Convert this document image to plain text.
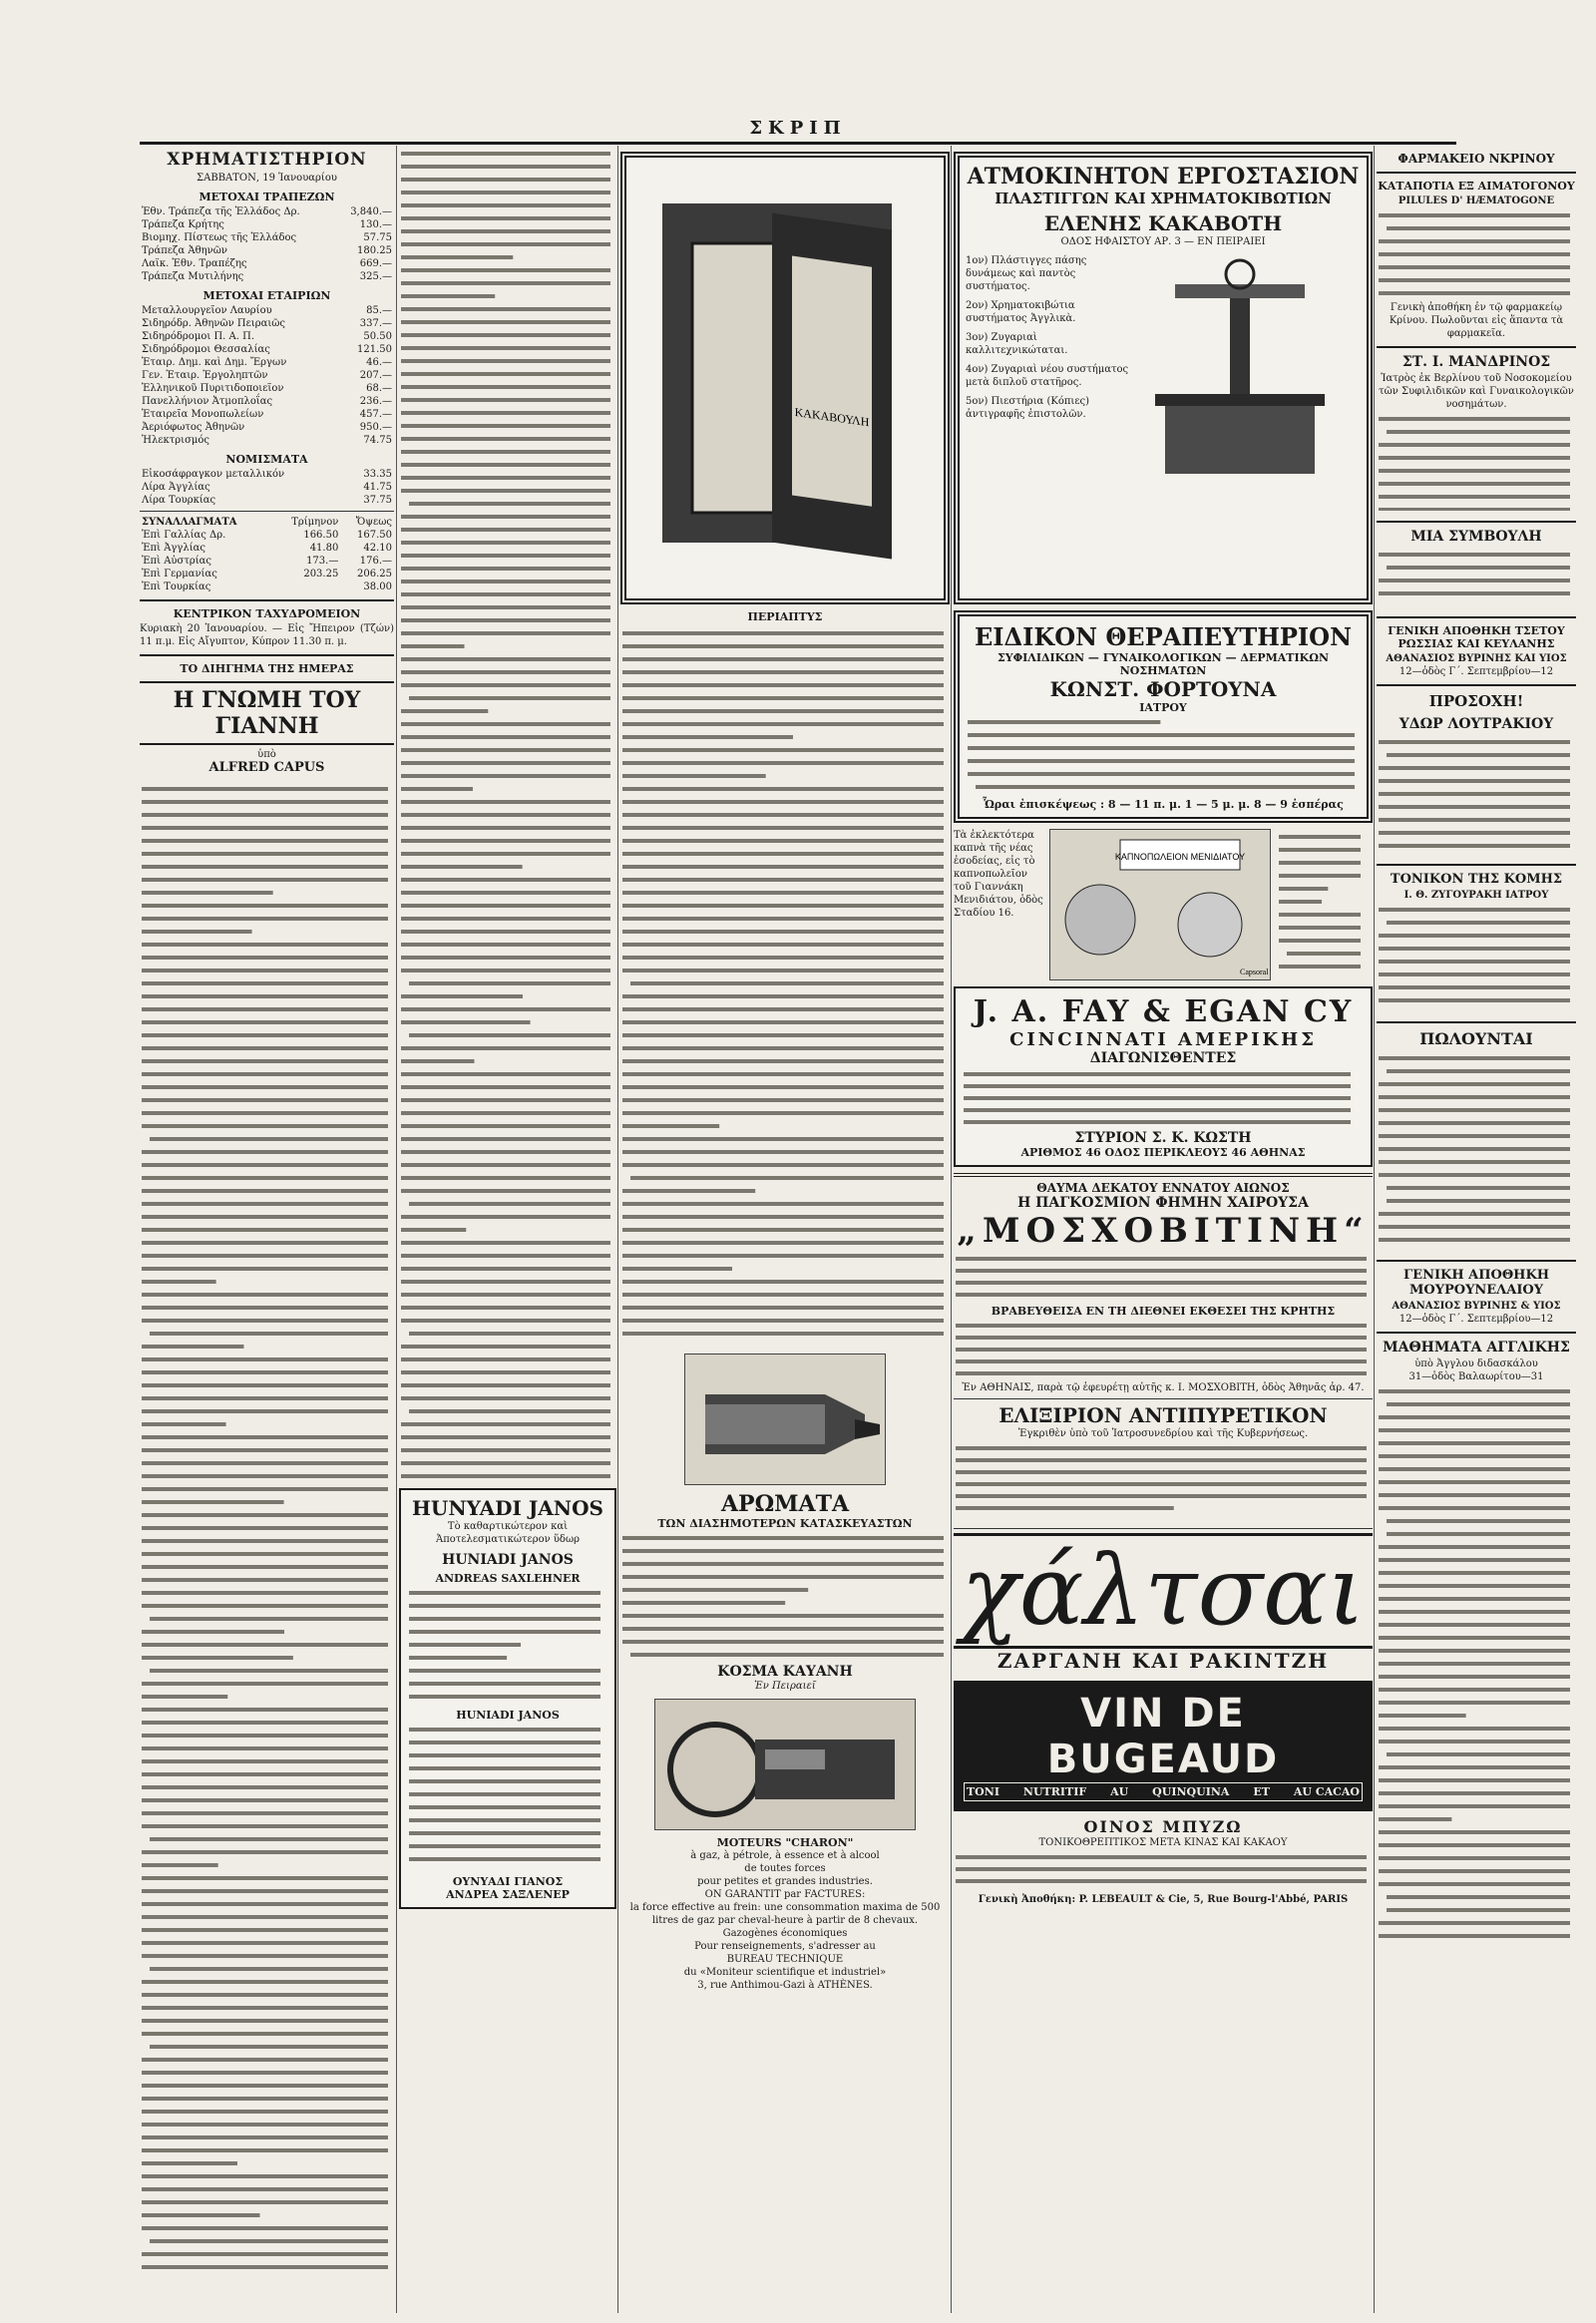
ΣΚΡΙΠ
ΧΡΗΜΑΤΙΣΤΗΡΙΟΝ
ΣΑΒΒΑΤΟΝ, 19 Ἰανουαρίου
ΜΕΤΟΧΑΙ ΤΡΑΠΕΖΩΝ
Ἐθν. Τράπεζα τῆς Ἑλλάδος Δρ.	3,840.—
Τράπεζα Κρήτης	130.—
Βιομηχ. Πίστεως τῆς Ἑλλάδος	57.75
Τράπεζα Ἀθηνῶν	180.25
Λαϊκ. Ἐθν. Τραπέζης	669.—
Τράπεζα Μυτιλήνης	325.—
ΜΕΤΟΧΑΙ ΕΤΑΙΡΙΩΝ
Μεταλλουργεῖον Λαυρίου	85.—
Σιδηρόδρ. Ἀθηνῶν Πειραιῶς	337.—
Σιδηρόδρομοι Π. Α. Π.	50.50
Σιδηρόδρομοι Θεσσαλίας	121.50
Ἑταιρ. Δημ. καὶ Δημ. Ἔργων	46.—
Γεν. Ἑταιρ. Ἐργοληπτῶν	207.—
Ἑλληνικοῦ Πυριτιδοποιεῖον	68.—
Πανελλήνιον Ἀτμοπλοΐας	236.—
Ἑταιρεῖα Μονοπωλείων	457.—
Ἀεριόφωτος Ἀθηνῶν	950.—
Ἠλεκτρισμός	74.75
ΝΟΜΙΣΜΑΤΑ
Εἰκοσάφραγκον μεταλλικόν	33.35
Λίρα Ἀγγλίας	41.75
Λίρα Τουρκίας	37.75
ΣΥΝΑΛΛΑΓΜΑΤΑ	Τρίμηνον	Ὄψεως
Ἐπὶ Γαλλίας Δρ.	166.50	167.50
Ἐπὶ Ἀγγλίας	41.80	42.10
Ἐπὶ Αὐστρίας	173.—	176.—
Ἐπὶ Γερμανίας	203.25	206.25
Ἐπὶ Τουρκίας		38.00
ΚΕΝΤΡΙΚΟΝ ΤΑΧΥΔΡΟΜΕΙΟΝ
Κυριακὴ 20 Ἰανουαρίου. — Εἰς Ἤπειρον (Τζών) 11 π.μ. Εἰς Αἴγυπτον, Κύπρον 11.30 π. μ.
ΤΟ ΔΙΗΓΗΜΑ ΤΗΣ ΗΜΕΡΑΣ
Η ΓΝΩΜΗ ΤΟΥ ΓΙΑΝΝΗ
ὑπὸ
ALFRED CAPUS
HUNYADI JANOS
Τὸ καθαρτικώτερον καὶ Ἀποτελεσματικώτερον ὕδωρ
HUNIADI JANOS
ANDREAS SAXLEHNER
HUNIADI JANOS
ΟΥΝΥΑΔΙ ΓΙΑΝΟΣ
ΑΝΔΡΕΑ ΣΑΞΛΕΝΕΡ
ΚΑΚΑΒΟΥΛΗ
ΠΕΡΙΑΠΤΥΣ
ΑΡΩΜΑΤΑ
ΤΩΝ ΔΙΑΣΗΜΟΤΕΡΩΝ ΚΑΤΑΣΚΕΥΑΣΤΩΝ
ΚΟΣΜΑ ΚΑΥΑΝΗ
Ἐν Πειραιεῖ
MOTEURS "CHARON"
à gaz, à pétrole, à essence et à alcool
de toutes forces
pour petites et grandes industries.
ON GARANTIT par FACTURES:
la force effective au frein: une consommation maxima de 500 litres de gaz par cheval-heure à partir de 8 chevaux.
Gazogènes économiques
Pour renseignements, s'adresser au
BUREAU TECHNIQUE
du «Moniteur scientifique et industriel»
3, rue Anthimou-Gazi à ATHÈNES.
ΑΤΜΟΚΙΝΗΤΟΝ ΕΡΓΟΣΤΑΣΙΟΝ
ΠΛΑΣΤΙΓΓΩΝ ΚΑΙ ΧΡΗΜΑΤΟΚΙΒΩΤΙΩΝ
ΕΛΕΝΗΣ ΚΑΚΑΒΟΤΗ
ΟΔΟΣ ΗΦΑΙΣΤΟΥ ΑΡ. 3 — ΕΝ ΠΕΙΡΑΙΕΙ
1ον) Πλάστιγγες πάσης δυνάμεως καὶ παντὸς συστήματος.
2ον) Χρηματοκιβώτια συστήματος Ἀγγλικὰ.
3ον) Ζυγαριαὶ καλλιτεχνικώταται.
4ον) Ζυγαριαὶ νέου συστήματος μετὰ διπλοῦ στατῆρος.
5ον) Πιεστήρια (Κόπιες) ἀντιγραφῆς ἐπιστολῶν.
ΕΙΔΙΚΟΝ ΘΕΡΑΠΕΥΤΗΡΙΟΝ
ΣΥΦΙΛΙΔΙΚΩΝ — ΓΥΝΑΙΚΟΛΟΓΙΚΩΝ — ΔΕΡΜΑΤΙΚΩΝ ΝΟΣΗΜΑΤΩΝ
ΚΩΝΣΤ. ΦΟΡΤΟΥΝΑ
ΙΑΤΡΟΥ
Ὧραι ἐπισκέψεως : 8 — 11 π. μ. 1 — 5 μ. μ. 8 — 9 ἑσπέρας
Τὰ ἐκλεκτότερα καπνὰ τῆς νέας ἐσοδείας, εἰς τὸ καπνοπωλεῖον τοῦ Γιαννάκη Μενιδιάτου, ὁδὸς Σταδίου 16.
ΚΑΠΝΟΠΩΛΕΙΟΝ ΜΕΝΙΔΙΑΤΟΥ
Capsoral
J. A. FAY & EGAN CY
CINCINNATI ΑΜΕΡΙΚΗΣ
ΔΙΑΓΩΝΙΣΘΕΝΤΕΣ
ΣΤΥΡΙΟΝ Σ. Κ. ΚΩΣΤΗ
ΑΡΙΘΜΟΣ 46 ΟΔΟΣ ΠΕΡΙΚΛΕΟΥΣ 46 ΑΘΗΝΑΣ
ΘΑΥΜΑ ΔΕΚΑΤΟΥ ΕΝΝΑΤΟΥ ΑΙΩΝΟΣ
Η ΠΑΓΚΟΣΜΙΟΝ ΦΗΜΗΝ ΧΑΙΡΟΥΣΑ
„ΜΟΣΧΟΒΙΤΙΝΗ“
ΒΡΑΒΕΥΘΕΙΣΑ ΕΝ ΤΗ ΔΙΕΘΝΕΙ ΕΚΘΕΣΕΙ ΤΗΣ ΚΡΗΤΗΣ
Ἐν ΑΘΗΝΑΙΣ, παρὰ τῷ ἐφευρέτῃ αὐτῆς κ. Ι. ΜΟΣΧΟΒΙΤΗ, ὁδὸς Ἀθηνᾶς ἀρ. 47.
ΕΛΙΞΙΡΙΟΝ ΑΝΤΙΠΥΡΕΤΙΚΟΝ
Ἐγκριθὲν ὑπὸ τοῦ Ἰατροσυνεδρίου καὶ τῆς Κυβερνήσεως.
χάλτσαι
ΖΑΡΓΑΝΗ ΚΑΙ ΡΑΚΙΝΤΖΗ
VIN DE BUGEAUD
TONI NUTRITIF AU QUINQUINA ET AU CACAO
ΟΙΝΟΣ ΜΠΥΖΩ
ΤΟΝΙΚΟΘΡΕΠΤΙΚΟΣ ΜΕΤΑ ΚΙΝΑΣ ΚΑΙ ΚΑΚΑΟΥ
Γενικὴ Ἀποθήκη: P. LEBEAULT & Cie, 5, Rue Bourg-l'Abbé, PARIS
ΦΑΡΜΑΚΕΙΟ ΝΚΡΙΝΟΥ
ΚΑΤΑΠΟΤΙΑ ΕΞ ΑΙΜΑΤΟΓΟΝΟΥ
PILULES D' HÆMATOGONE
Γενικὴ ἀποθήκη ἐν τῷ φαρμακείῳ Κρίνου. Πωλοῦνται εἰς ἅπαντα τὰ φαρμακεῖα.
ΣΤ. Ι. ΜΑΝΔΡΙΝΟΣ
Ἰατρὸς ἐκ Βερλίνου τοῦ Νοσοκομείου τῶν Συφιλιδικῶν καὶ Γυναικολογικῶν νοσημάτων.
ΜΙΑ ΣΥΜΒΟΥΛΗ
ΓΕΝΙΚΗ ΑΠΟΘΗΚΗ ΤΣΕΤΟΥ ΡΩΣΣΙΑΣ ΚΑΙ ΚΕΥΛΑΝΗΣ
ΑΘΑΝΑΣΙΟΣ ΒΥΡΙΝΗΣ ΚΑΙ ΥΙΟΣ
12—ὁδὸς Γ΄. Σεπτεμβρίου—12
ΠΡΟΣΟΧΗ!
ΥΔΩΡ ΛΟΥΤΡΑΚΙΟΥ
ΤΟΝΙΚΟΝ ΤΗΣ ΚΟΜΗΣ
Ι. Θ. ΖΥΓΟΥΡΑΚΗ ΙΑΤΡΟΥ
ΠΩΛΟΥΝΤΑΙ
ΓΕΝΙΚΗ ΑΠΟΘΗΚΗ ΜΟΥΡΟΥΝΕΛΑΙΟΥ
ΑΘΑΝΑΣΙΟΣ ΒΥΡΙΝΗΣ & ΥΙΟΣ
12—ὁδὸς Γ΄. Σεπτεμβρίου—12
ΜΑΘΗΜΑΤΑ ΑΓΓΛΙΚΗΣ
ὑπὸ Ἀγγλου διδασκάλου
31—ὁδὸς Βαλαωρίτου—31
